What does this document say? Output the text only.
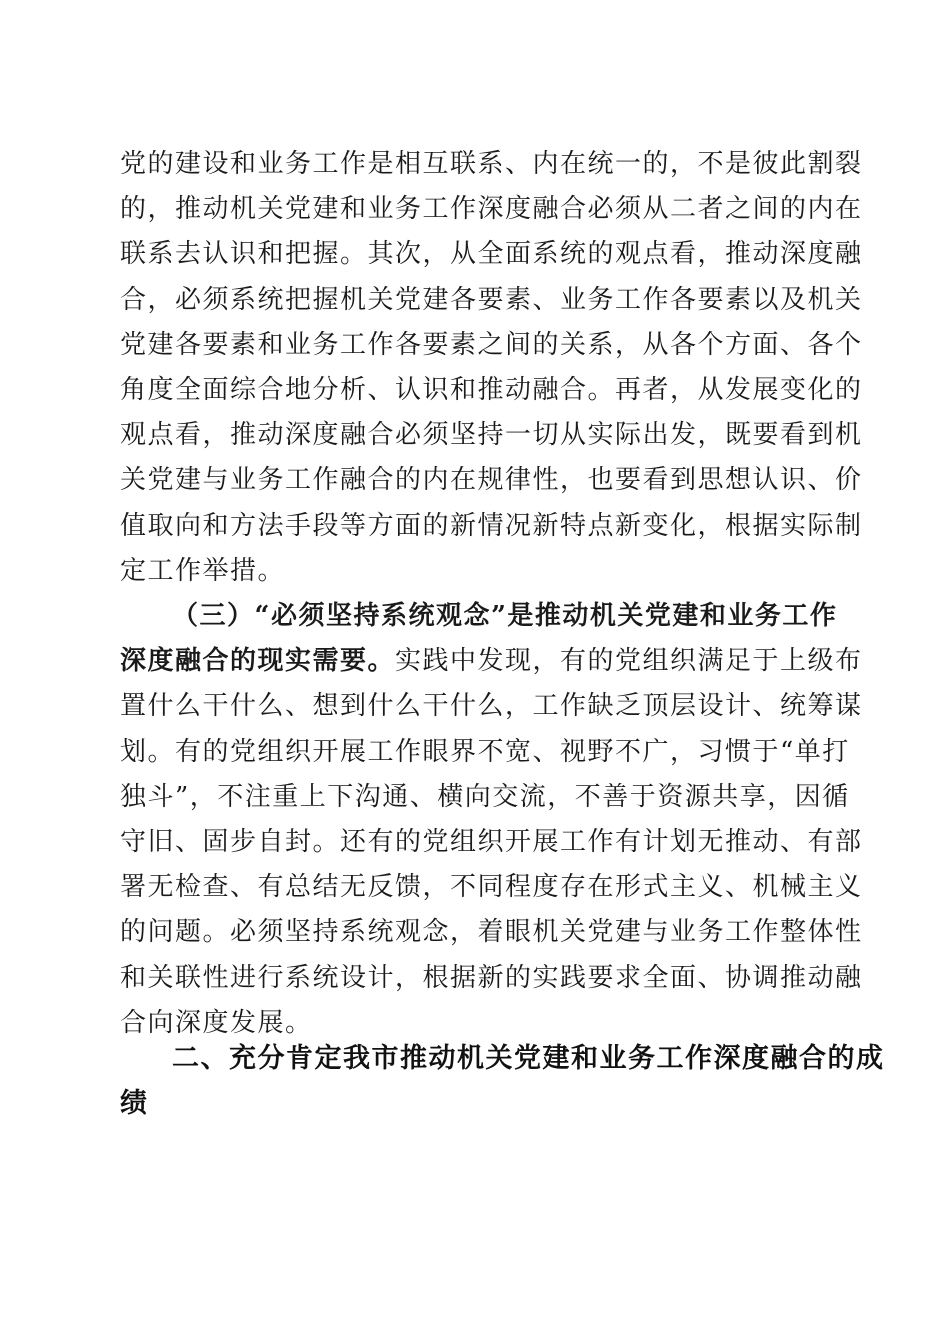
党的建设和业务工作是相互联系、内在统一的，不是彼此割裂
的，推动机关党建和业务工作深度融合必须从二者之间的内在
联系去认识和把握。其次，从全面系统的观点看，推动深度融
合，必须系统把握机关党建各要素、业务工作各要素以及机关
党建各要素和业务工作各要素之间的关系，从各个方面、各个
角度全面综合地分析、认识和推动融合。再者，从发展变化的
观点看，推动深度融合必须坚持一切从实际出发，既要看到机
关党建与业务工作融合的内在规律性，也要看到思想认识、价
值取向和方法手段等方面的新情况新特点新变化，根据实际制
定工作举措。
（三）“必须坚持系统观念”是推动机关党建和业务工作
深度融合的现实需要。实践中发现，有的党组织满足于上级布
置什么干什么、想到什么干什么，工作缺乏顶层设计、统筹谋
划。有的党组织开展工作眼界不宽、视野不广，习惯于“单打
独斗”，不注重上下沟通、横向交流，不善于资源共享，因循
守旧、固步自封。还有的党组织开展工作有计划无推动、有部
署无检查、有总结无反馈，不同程度存在形式主义、机械主义
的问题。必须坚持系统观念，着眼机关党建与业务工作整体性
和关联性进行系统设计，根据新的实践要求全面、协调推动融
合向深度发展。
二、充分肯定我市推动机关党建和业务工作深度融合的成
绩
